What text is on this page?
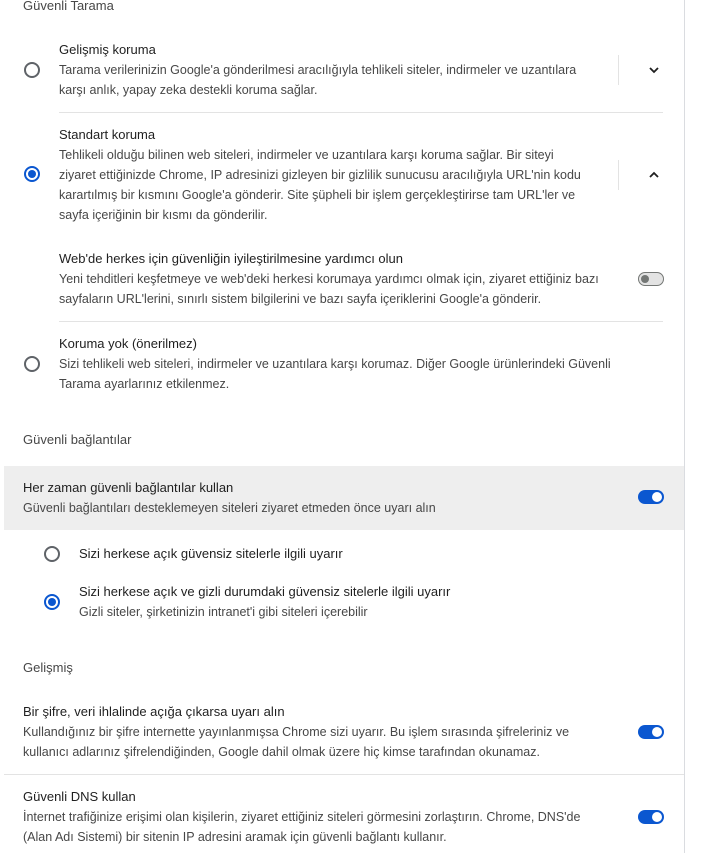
Güvenli Tarama
Gelişmiş koruma
Tarama verilerinizin Google'a gönderilmesi aracılığıyla tehlikeli siteler, indirmeler ve uzantılara
karşı anlık, yapay zeka destekli koruma sağlar.
Standart koruma
Tehlikeli olduğu bilinen web siteleri, indirmeler ve uzantılara karşı koruma sağlar. Bir siteyi
ziyaret ettiğinizde Chrome, IP adresinizi gizleyen bir gizlilik sunucusu aracılığıyla URL'nin kodu
karartılmış bir kısmını Google'a gönderir. Site şüpheli bir işlem gerçekleştirirse tam URL'ler ve
sayfa içeriğinin bir kısmı da gönderilir.
Web'de herkes için güvenliğin iyileştirilmesine yardımcı olun
Yeni tehditleri keşfetmeye ve web'deki herkesi korumaya yardımcı olmak için, ziyaret ettiğiniz bazı
sayfaların URL'lerini, sınırlı sistem bilgilerini ve bazı sayfa içeriklerini Google'a gönderir.
Koruma yok (önerilmez)
Sizi tehlikeli web siteleri, indirmeler ve uzantılara karşı korumaz. Diğer Google ürünlerindeki Güvenli
Tarama ayarlarınız etkilenmez.
Güvenli bağlantılar
Her zaman güvenli bağlantılar kullan
Güvenli bağlantıları desteklemeyen siteleri ziyaret etmeden önce uyarı alın
Sizi herkese açık güvensiz sitelerle ilgili uyarır
Sizi herkese açık ve gizli durumdaki güvensiz sitelerle ilgili uyarır
Gizli siteler, şirketinizin intranet'i gibi siteleri içerebilir
Gelişmiş
Bir şifre, veri ihlalinde açığa çıkarsa uyarı alın
Kullandığınız bir şifre internette yayınlanmışsa Chrome sizi uyarır. Bu işlem sırasında şifreleriniz ve
kullanıcı adlarınız şifrelendiğinden, Google dahil olmak üzere hiç kimse tarafından okunamaz.
Güvenli DNS kullan
İnternet trafiğinize erişimi olan kişilerin, ziyaret ettiğiniz siteleri görmesini zorlaştırın. Chrome, DNS'de
(Alan Adı Sistemi) bir sitenin IP adresini aramak için güvenli bağlantı kullanır.
